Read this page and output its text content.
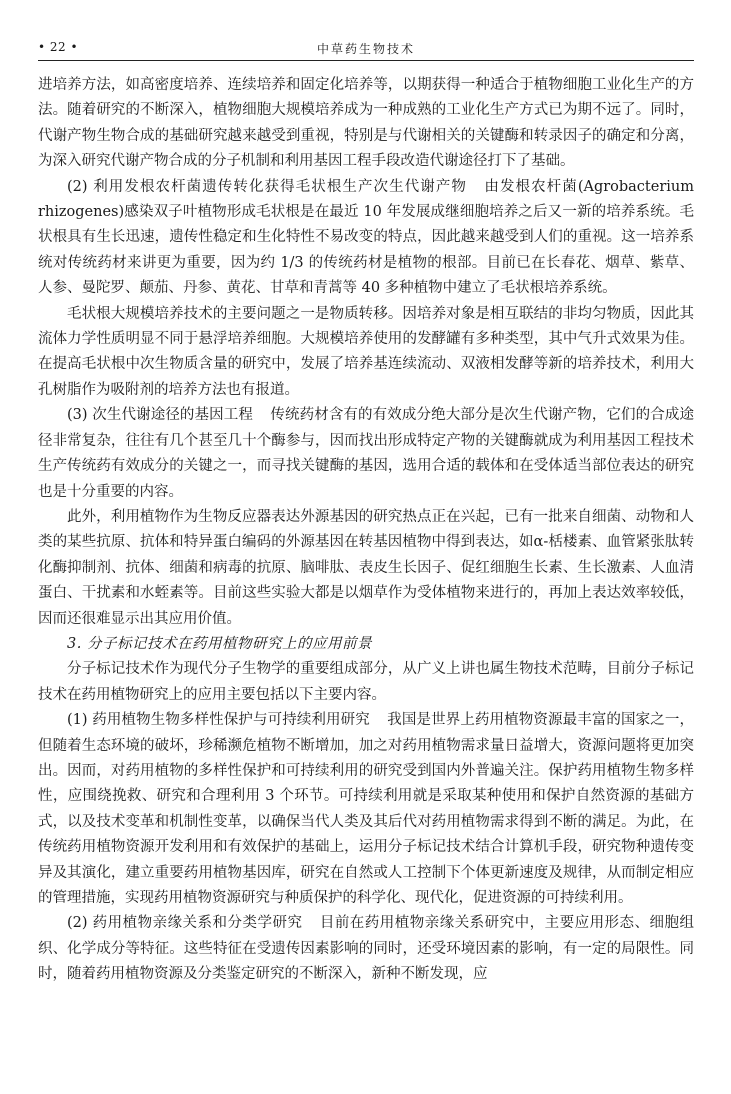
• 22 •	中草药生物技术

进培养方法，如高密度培养、连续培养和固定化培养等，以期获得一种适合于植物细胞工业化生产的方法。随着研究的不断深入，植物细胞大规模培养成为一种成熟的工业化生产方式已为期不远了。同时，代谢产物生物合成的基础研究越来越受到重视，特别是与代谢相关的关键酶和转录因子的确定和分离，为深入研究代谢产物合成的分子机制和利用基因工程手段改造代谢途径打下了基础。

(2) 利用发根农杆菌遗传转化获得毛状根生产次生代谢产物 由发根农杆菌(Agrobacterium rhizogenes)感染双子叶植物形成毛状根是在最近 10 年发展成继细胞培养之后又一新的培养系统。毛状根具有生长迅速，遗传性稳定和生化特性不易改变的特点，因此越来越受到人们的重视。这一培养系统对传统药材来讲更为重要，因为约 1/3 的传统药材是植物的根部。目前已在长春花、烟草、紫草、人参、曼陀罗、颠茄、丹参、黄花、甘草和青蒿等 40 多种植物中建立了毛状根培养系统。

毛状根大规模培养技术的主要问题之一是物质转移。因培养对象是相互联结的非均匀物质，因此其流体力学性质明显不同于悬浮培养细胞。大规模培养使用的发酵罐有多种类型，其中气升式效果为佳。在提高毛状根中次生物质含量的研究中，发展了培养基连续流动、双液相发酵等新的培养技术，利用大孔树脂作为吸附剂的培养方法也有报道。

(3) 次生代谢途径的基因工程 传统药材含有的有效成分绝大部分是次生代谢产物，它们的合成途径非常复杂，往往有几个甚至几十个酶参与，因而找出形成特定产物的关键酶就成为利用基因工程技术生产传统药有效成分的关键之一，而寻找关键酶的基因，选用合适的载体和在受体适当部位表达的研究也是十分重要的内容。

此外，利用植物作为生物反应器表达外源基因的研究热点正在兴起，已有一批来自细菌、动物和人类的某些抗原、抗体和特异蛋白编码的外源基因在转基因植物中得到表达，如α-栝楼素、血管紧张肽转化酶抑制剂、抗体、细菌和病毒的抗原、脑啡肽、表皮生长因子、促红细胞生长素、生长激素、人血清蛋白、干扰素和水蛭素等。目前这些实验大都是以烟草作为受体植物来进行的，再加上表达效率较低，因而还很难显示出其应用价值。

3. 分子标记技术在药用植物研究上的应用前景

分子标记技术作为现代分子生物学的重要组成部分，从广义上讲也属生物技术范畴，目前分子标记技术在药用植物研究上的应用主要包括以下主要内容。

(1) 药用植物生物多样性保护与可持续利用研究 我国是世界上药用植物资源最丰富的国家之一，但随着生态环境的破坏，珍稀濒危植物不断增加，加之对药用植物需求量日益增大，资源问题将更加突出。因而，对药用植物的多样性保护和可持续利用的研究受到国内外普遍关注。保护药用植物生物多样性，应围绕挽救、研究和合理利用 3 个环节。可持续利用就是采取某种使用和保护自然资源的基础方式，以及技术变革和机制性变革，以确保当代人类及其后代对药用植物需求得到不断的满足。为此，在传统药用植物资源开发利用和有效保护的基础上，运用分子标记技术结合计算机手段，研究物种遗传变异及其演化，建立重要药用植物基因库，研究在自然或人工控制下个体更新速度及规律，从而制定相应的管理措施，实现药用植物资源研究与种质保护的科学化、现代化，促进资源的可持续利用。

(2) 药用植物亲缘关系和分类学研究 目前在药用植物亲缘关系研究中，主要应用形态、细胞组织、化学成分等特征。这些特征在受遗传因素影响的同时，还受环境因素的影响，有一定的局限性。同时，随着药用植物资源及分类鉴定研究的不断深入，新种不断发现，应
